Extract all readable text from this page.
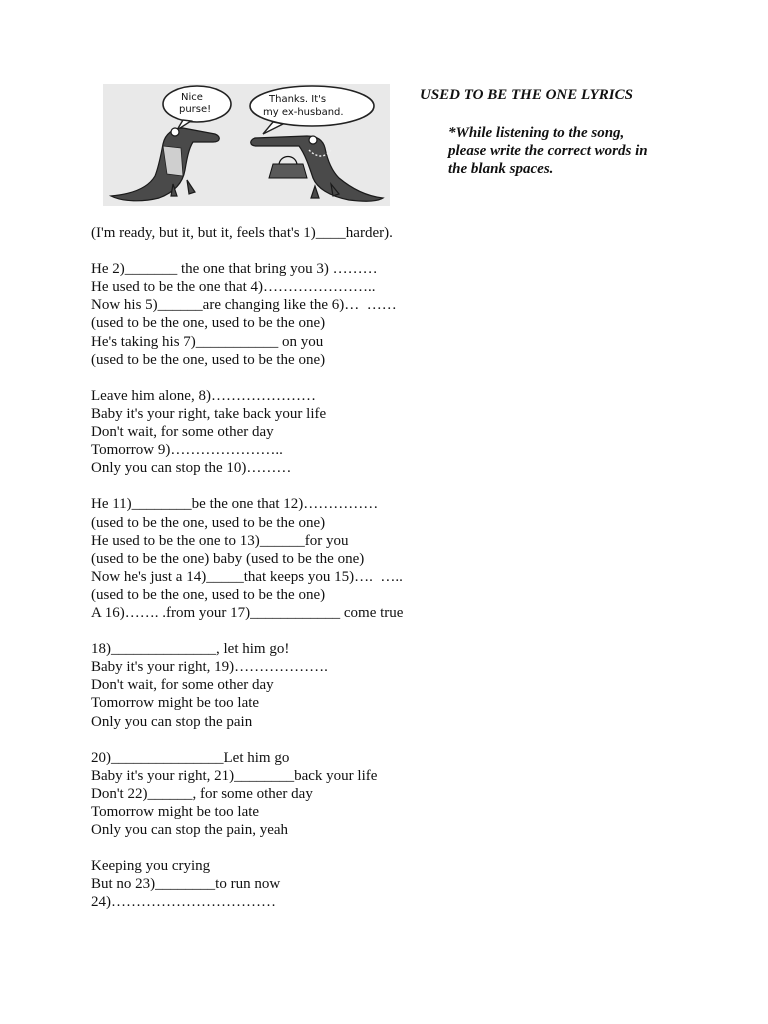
Nice
purse!
Thanks. It's
my ex-husband.
USED TO BE THE ONE LYRICS
*While listening to the song,
please write the correct words in
the blank spaces.
(I'm ready, but it, but it, feels that's 1)____harder).
He 2)_______ the one that bring you 3) ………
He used to be the one that 4)…………………..
Now his 5)______are changing like the 6)…  ……
(used to be the one, used to be the one)
He's taking his 7)___________ on you
(used to be the one, used to be the one)
Leave him alone, 8)…………………
Baby it's your right, take back your life
Don't wait, for some other day
Tomorrow 9)…………………..
Only you can stop the 10)………
He 11)________be the one that 12)……………
(used to be the one, used to be the one)
He used to be the one to 13)______for you
(used to be the one) baby (used to be the one)
Now he's just a 14)_____that keeps you 15)….  …..
(used to be the one, used to be the one)
A 16)……. .from your 17)____________ come true
18)______________, let him go!
Baby it's your right, 19)……………….
Don't wait, for some other day
Tomorrow might be too late
Only you can stop the pain
20)_______________Let him go
Baby it's your right, 21)________back your life
Don't 22)______, for some other day
Tomorrow might be too late
Only you can stop the pain, yeah
Keeping you crying
But no 23)________to run now
24)……………………………
